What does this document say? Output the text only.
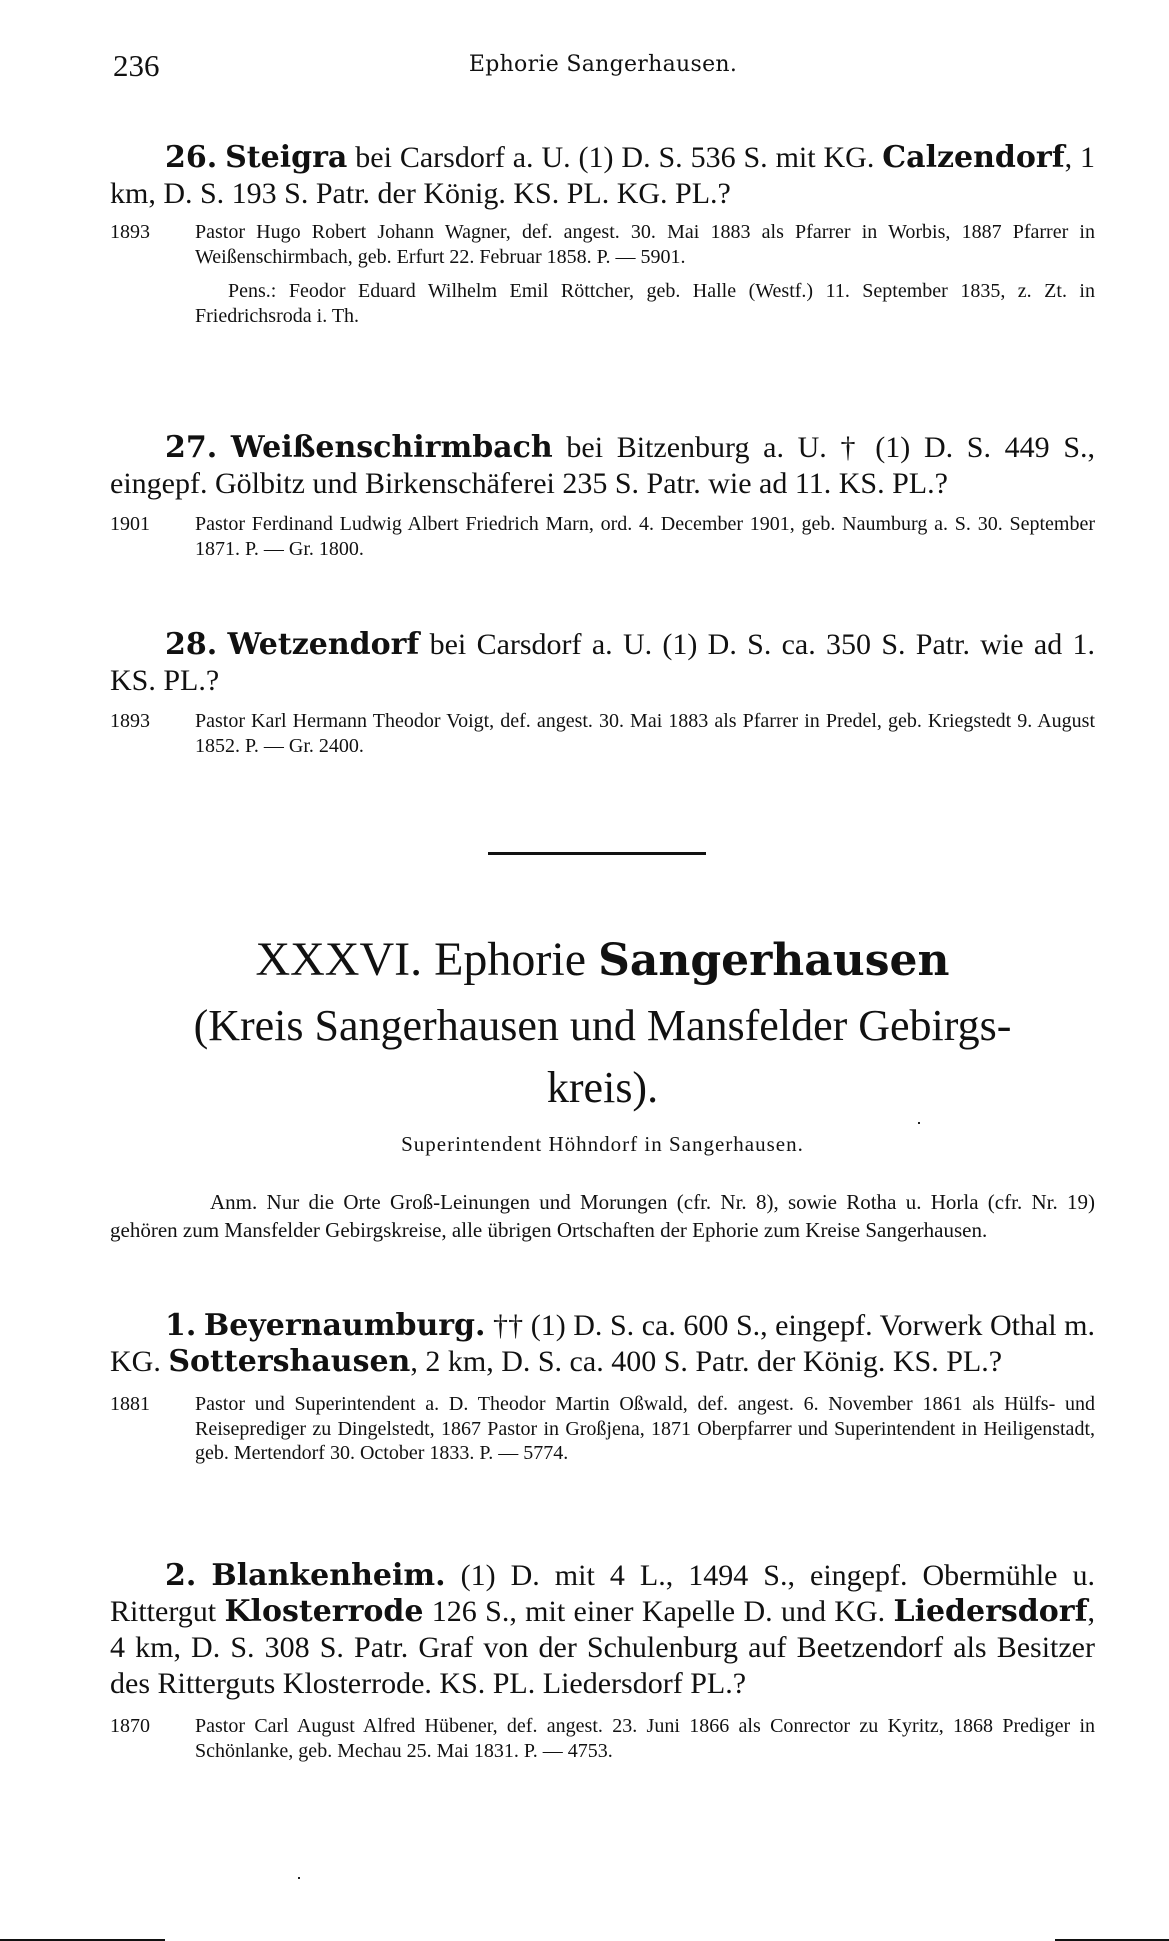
236	Ephorie Sangerhausen.
26. Steigra bei Carsdorf a. U. (1) D. S. 536 S. mit KG. Calzendorf, 1 km, D. S. 193 S. Patr. der König. KS. PL. KG. PL.?
1893	Pastor Hugo Robert Johann Wagner, def. angest. 30. Mai 1883 als Pfarrer in Worbis, 1887 Pfarrer in Weißenschirmbach, geb. Erfurt 22. Februar 1858. P. — 5901.
Pens.: Feodor Eduard Wilhelm Emil Röttcher, geb. Halle (Westf.) 11. September 1835, z. Zt. in Friedrichsroda i. Th.
27. Weißenschirmbach bei Bitzenburg a. U. † (1) D. S. 449 S., eingepf. Gölbitz und Birkenschäferei 235 S. Patr. wie ad 11. KS. PL.?
1901	Pastor Ferdinand Ludwig Albert Friedrich Marn, ord. 4. December 1901, geb. Naumburg a. S. 30. September 1871. P. — Gr. 1800.
28. Wetzendorf bei Carsdorf a. U. (1) D. S. ca. 350 S. Patr. wie ad 1. KS. PL.?
1893	Pastor Karl Hermann Theodor Voigt, def. angest. 30. Mai 1883 als Pfarrer in Predel, geb. Kriegstedt 9. August 1852. P. — Gr. 2400.
XXXVI. Ephorie Sangerhausen
(Kreis Sangerhausen und Mansfelder Gebirgs-
kreis).
Superintendent Höhndorf in Sangerhausen.
Anm. Nur die Orte Groß-Leinungen und Morungen (cfr. Nr. 8), sowie Rotha u. Horla (cfr. Nr. 19) gehören zum Mansfelder Gebirgskreise, alle übrigen Ortschaften der Ephorie zum Kreise Sangerhausen.
1. Beyernaumburg. †† (1) D. S. ca. 600 S., eingepf. Vorwerk Othal m. KG. Sottershausen, 2 km, D. S. ca. 400 S. Patr. der König. KS. PL.?
1881	Pastor und Superintendent a. D. Theodor Martin Oßwald, def. angest. 6. November 1861 als Hülfs- und Reiseprediger zu Dingelstedt, 1867 Pastor in Großjena, 1871 Oberpfarrer und Superintendent in Heiligenstadt, geb. Mertendorf 30. October 1833. P. — 5774.
2. Blankenheim. (1) D. mit 4 L., 1494 S., eingepf. Obermühle u. Rittergut Klosterrode 126 S., mit einer Kapelle D. und KG. Liedersdorf, 4 km, D. S. 308 S. Patr. Graf von der Schulenburg auf Beetzendorf als Besitzer des Ritterguts Klosterrode. KS. PL. Liedersdorf PL.?
1870	Pastor Carl August Alfred Hübener, def. angest. 23. Juni 1866 als Conrector zu Kyritz, 1868 Prediger in Schönlanke, geb. Mechau 25. Mai 1831. P. — 4753.
